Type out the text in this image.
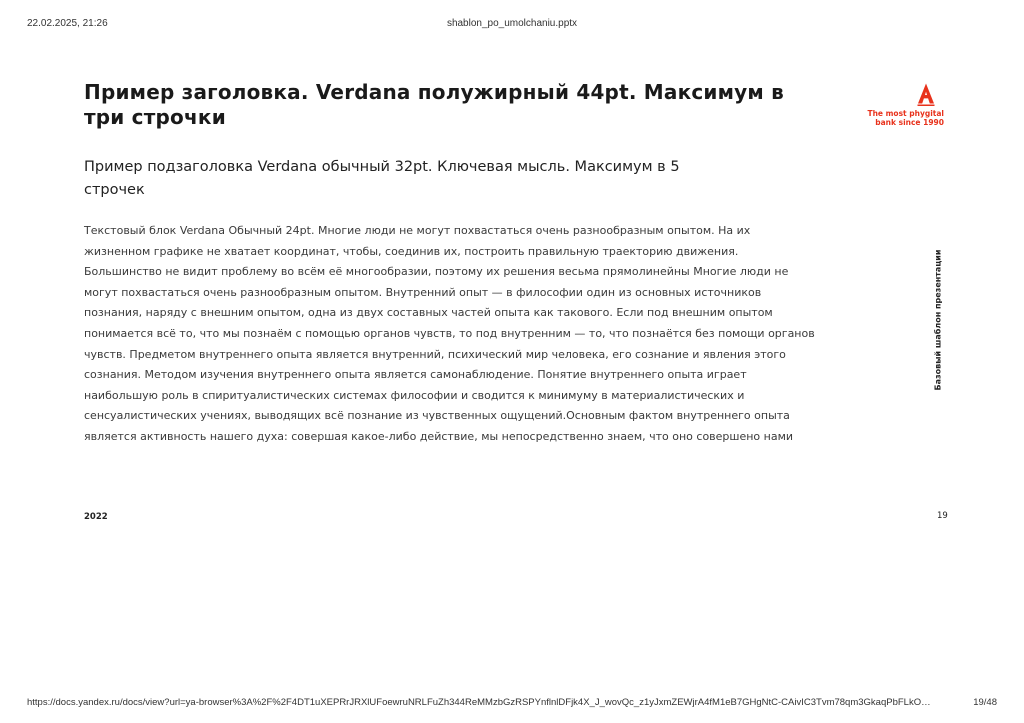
22.02.2025, 21:26	shablon_po_umolchaniu.pptx
Пример заголовка. Verdana полужирный 44pt. Максимум в три строчки	The most phygital
bank since 1990

Пример подзаголовка Verdana обычный 32pt. Ключевая мысль. Максимум в 5 строчек

Текстовый блок Verdana Обычный 24pt. Многие люди не могут похвастаться очень разнообразным опытом. На их жизненном графике не хватает координат, чтобы, соединив их, построить правильную траекторию движения. Большинство не видит проблему во всём её многообразии, поэтому их решения весьма прямолинейны Многие люди не могут похвастаться очень разнообразным опытом. Внутренний опыт — в философии один из основных источников познания, наряду с внешним опытом, одна из двух составных частей опыта как такового. Если под внешним опытом понимается всё то, что мы познаём с помощью органов чувств, то под внутренним — то, что познаётся без помощи органов чувств. Предметом внутреннего опыта является внутренний, психический мир человека, его сознание и явления этого сознания. Методом изучения внутреннего опыта является самонаблюдение. Понятие внутреннего опыта играет наибольшую роль в спиритуалистических системах философии и сводится к минимуму в материалистических и сенсуалистических учениях, выводящих всё познание из чувственных ощущений.Основным фактом внутреннего опыта является активность нашего духа: совершая какое-либо действие, мы непосредственно знаем, что оно совершено нами

Базовый шаблон презентации
2022	19
https://docs.yandex.ru/docs/view?url=ya-browser%3A%2F%2F4DT1uXEPRrJRXlUFoewruNRLFuZh344ReMMzbGzRSPYnflnlDFjk4X_J_wovQc_z1yJxmZEWjrA4fM1eB7GHgNtC-CAivIC3Tvm78qm3GkaqPbFLkO…	19/48
